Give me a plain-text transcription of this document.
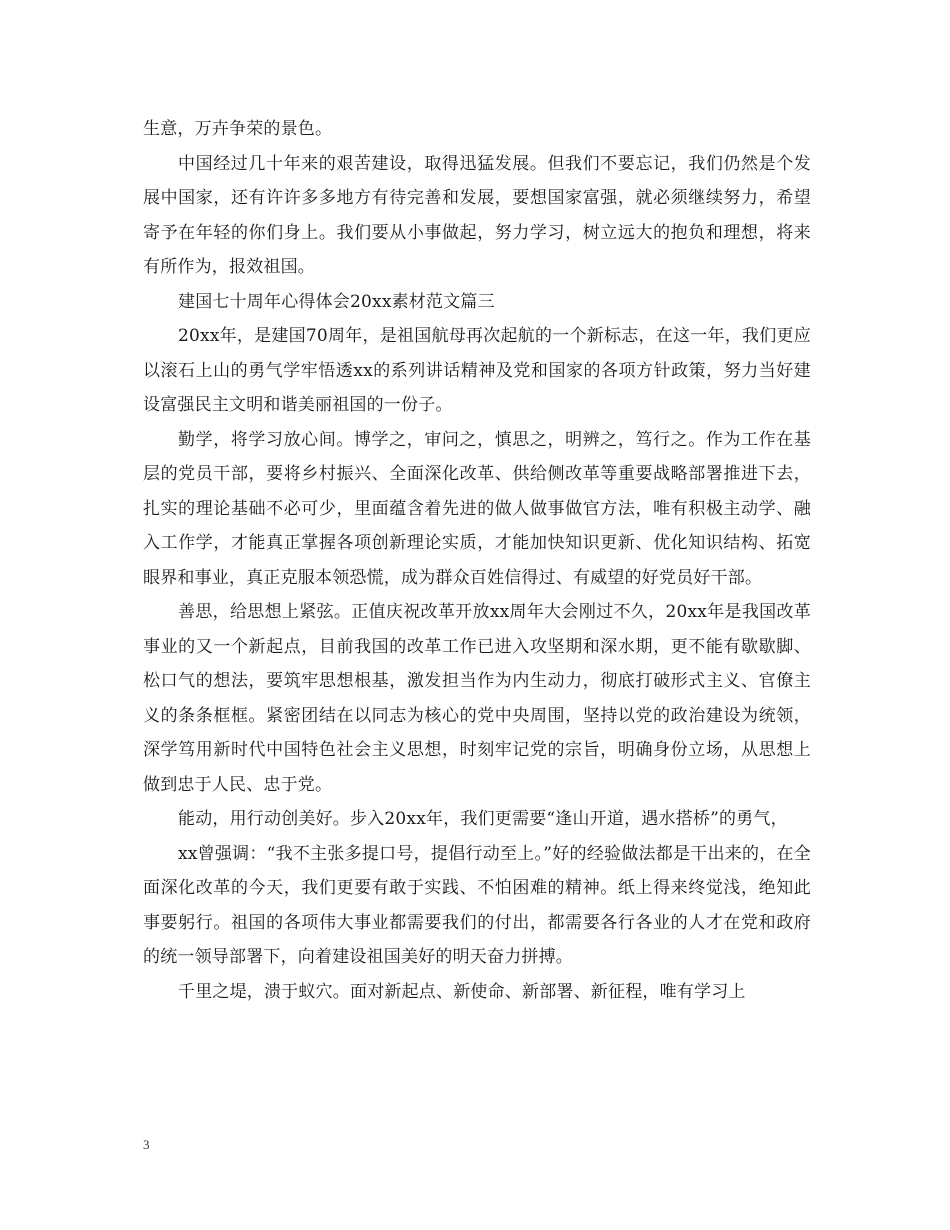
生意，万卉争荣的景色。

中国经过几十年来的艰苦建设，取得迅猛发展。但我们不要忘记，我们仍然是个发展中国家，还有许许多多地方有待完善和发展，要想国家富强，就必须继续努力，希望寄予在年轻的你们身上。我们要从小事做起，努力学习，树立远大的抱负和理想，将来有所作为，报效祖国。

建国七十周年心得体会20xx素材范文篇三

20xx年，是建国70周年，是祖国航母再次起航的一个新标志，在这一年，我们更应以滚石上山的勇气学牢悟透xx的系列讲话精神及党和国家的各项方针政策，努力当好建设富强民主文明和谐美丽祖国的一份子。

勤学，将学习放心间。博学之，审问之，慎思之，明辨之，笃行之。作为工作在基层的党员干部，要将乡村振兴、全面深化改革、供给侧改革等重要战略部署推进下去，扎实的理论基础不必可少，里面蕴含着先进的做人做事做官方法，唯有积极主动学、融入工作学，才能真正掌握各项创新理论实质，才能加快知识更新、优化知识结构、拓宽眼界和事业，真正克服本领恐慌，成为群众百姓信得过、有威望的好党员好干部。

善思，给思想上紧弦。正值庆祝改革开放xx周年大会刚过不久，20xx年是我国改革事业的又一个新起点，目前我国的改革工作已进入攻坚期和深水期，更不能有歇歇脚、松口气的想法，要筑牢思想根基，激发担当作为内生动力，彻底打破形式主义、官僚主义的条条框框。紧密团结在以同志为核心的党中央周围，坚持以党的政治建设为统领，深学笃用新时代中国特色社会主义思想，时刻牢记党的宗旨，明确身份立场，从思想上做到忠于人民、忠于党。

能动，用行动创美好。步入20xx年，我们更需要“逢山开道，遇水搭桥”的勇气，

xx曾强调：“我不主张多提口号，提倡行动至上。”好的经验做法都是干出来的，在全面深化改革的今天，我们更要有敢于实践、不怕困难的精神。纸上得来终觉浅，绝知此事要躬行。祖国的各项伟大事业都需要我们的付出，都需要各行各业的人才在党和政府的统一领导部署下，向着建设祖国美好的明天奋力拼搏。

千里之堤，溃于蚁穴。面对新起点、新使命、新部署、新征程，唯有学习上

3
